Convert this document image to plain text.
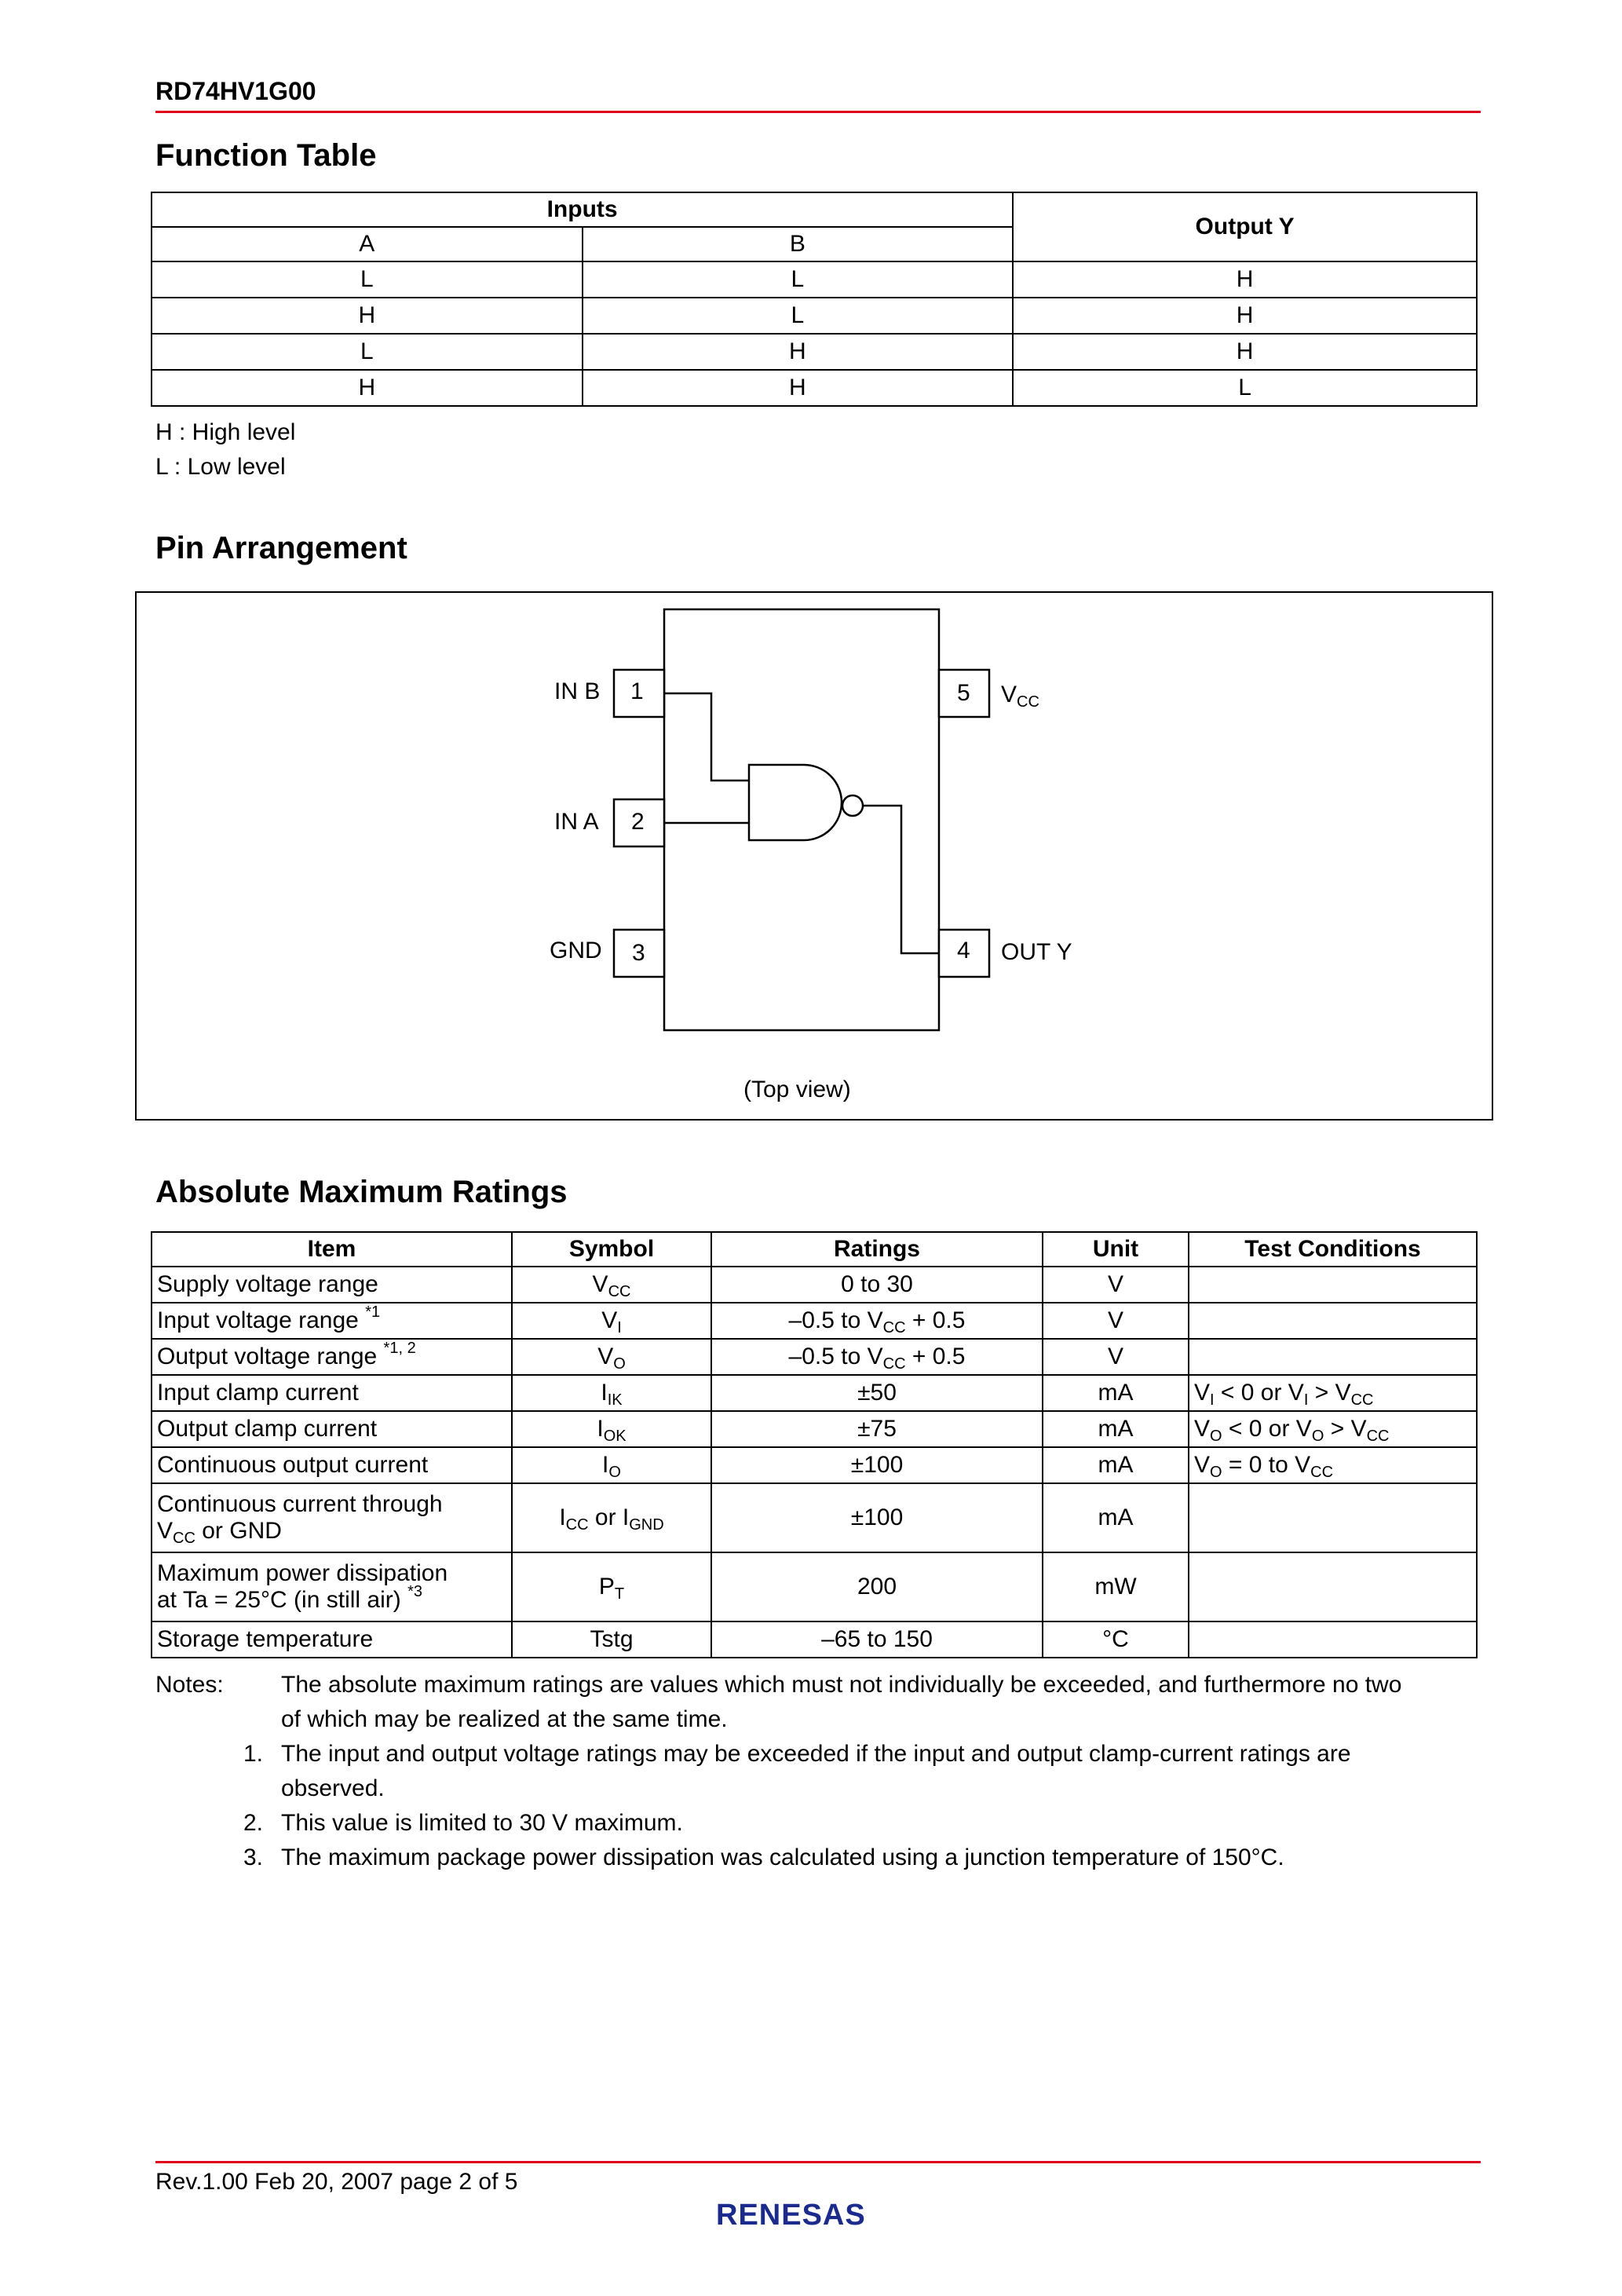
RD74HV1G00
Function Table
Inputs		Output Y
A	B	
L	L	H
H	L	H
L	H	H
H	H	L
H : High level
L : Low level
Pin Arrangement
IN B 1
IN A 2
GND 3	4 OUT Y
5 $V_{CC}$
(Top view)
Absolute Maximum Ratings
Item	Symbol	Ratings	Unit	Test Conditions
Supply voltage range	$V_{CC}$	0 to 30	V	
Input voltage range $^{*1}$	$V_I$	–0.5 to $V_{CC} + 0.5$	V	
Output voltage range $^{*1, 2}$	$V_O$	–0.5 to $V_{CC} + 0.5$	V	
Input clamp current	$I_{IK}$	±50	mA	$V_I < 0$ or $V_I > V_{CC}$
Output clamp current	$I_{OK}$	±75	mA	$V_O < 0$ or $V_O > V_{CC}$
Continuous output current	$I_O$	±100	mA	$V_O = 0$ to $V_{CC}$
Continuous current through
$V_{CC}$ or GND	$I_{CC}$ or $I_{GND}$	±100	mA	
Maximum power dissipation
at Ta = 25°C (in still air) $^{*3}$	$P_T$	200	mW	
Storage temperature	Tstg	–65 to 150	°C	
Notes:	The absolute maximum ratings are values which must not individually be exceeded, and furthermore no two
of which may be realized at the same time.
1. The input and output voltage ratings may be exceeded if the input and output clamp-current ratings are
observed.
2. This value is limited to 30 V maximum.
3. The maximum package power dissipation was calculated using a junction temperature of 150°C.
Rev.1.00 Feb 20, 2007 page 2 of 5
RENESAS
